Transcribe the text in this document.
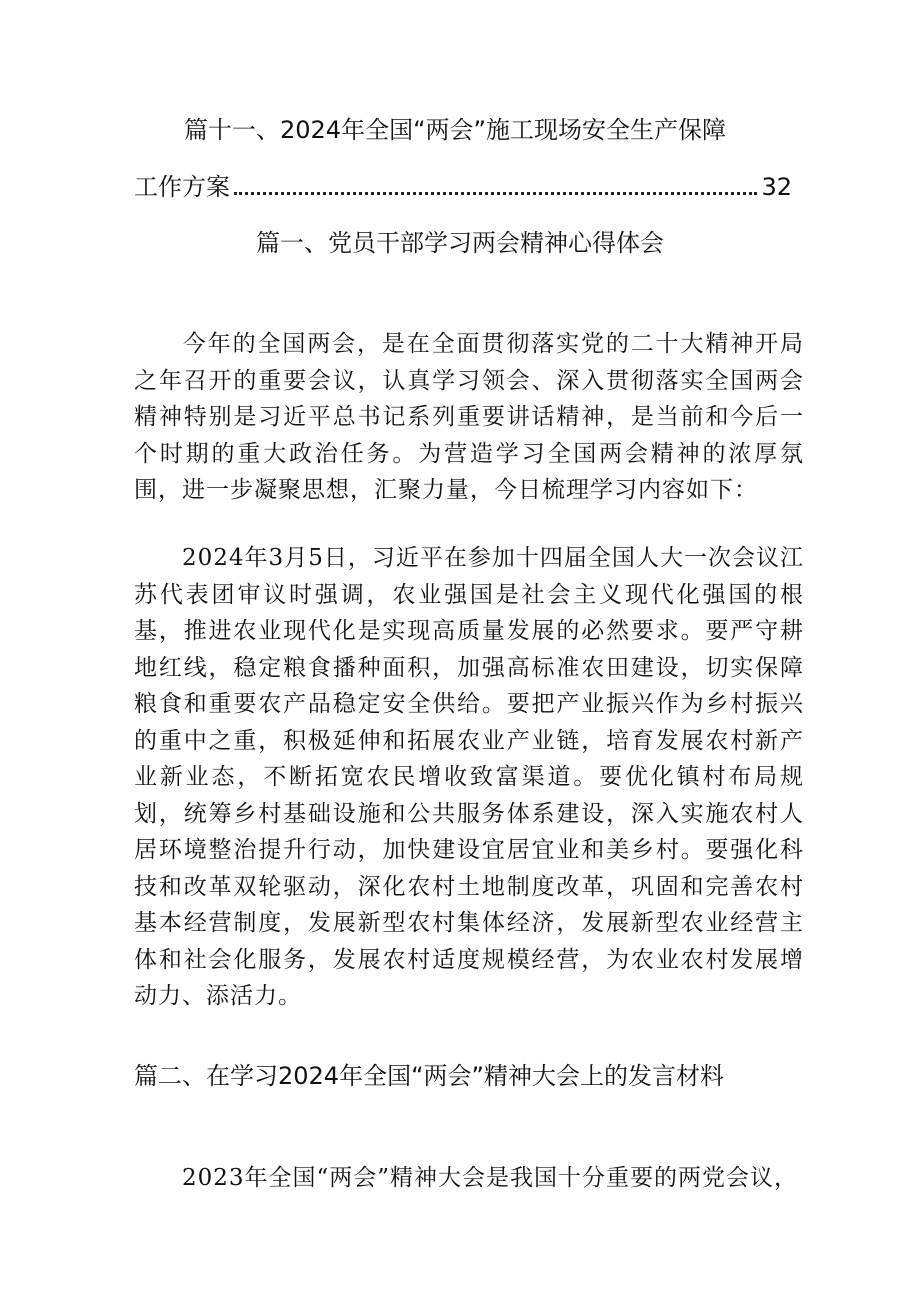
篇十一、2024年全国“两会”施工现场安全生产保障
工作方案	32
篇一、党员干部学习两会精神心得体会

今年的全国两会，是在全面贯彻落实党的二十大精神开局之年召开的重要会议，认真学习领会、深入贯彻落实全国两会精神特别是习近平总书记系列重要讲话精神，是当前和今后一个时期的重大政治任务。为营造学习全国两会精神的浓厚氛围，进一步凝聚思想，汇聚力量，今日梳理学习内容如下：

2024年3月5日，习近平在参加十四届全国人大一次会议江苏代表团审议时强调，农业强国是社会主义现代化强国的根基，推进农业现代化是实现高质量发展的必然要求。要严守耕地红线，稳定粮食播种面积，加强高标准农田建设，切实保障粮食和重要农产品稳定安全供给。要把产业振兴作为乡村振兴的重中之重，积极延伸和拓展农业产业链，培育发展农村新产业新业态，不断拓宽农民增收致富渠道。要优化镇村布局规划，统筹乡村基础设施和公共服务体系建设，深入实施农村人居环境整治提升行动，加快建设宜居宜业和美乡村。要强化科技和改革双轮驱动，深化农村土地制度改革，巩固和完善农村基本经营制度，发展新型农村集体经济，发展新型农业经营主体和社会化服务，发展农村适度规模经营，为农业农村发展增动力、添活力。

篇二、在学习2024年全国“两会”精神大会上的发言材料

2023年全国“两会”精神大会是我国十分重要的两党会议，
